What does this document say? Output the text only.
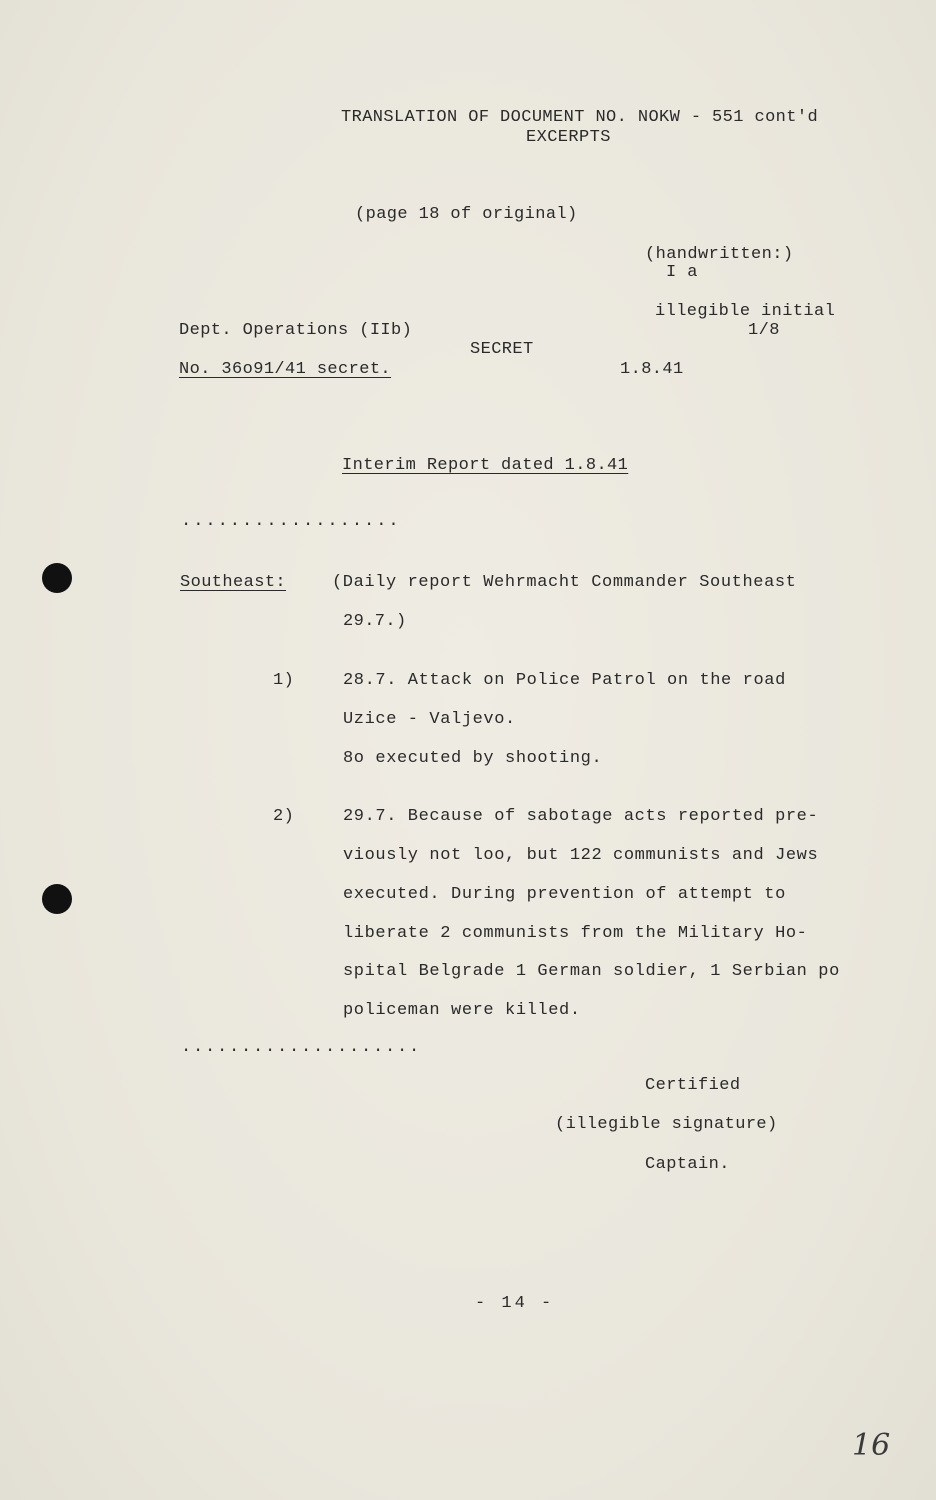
TRANSLATION OF DOCUMENT NO. NOKW - 551 cont'd
EXCERPTS
(page 18 of original)
(handwritten:)
I a
illegible initial
1/8
Dept. Operations (IIb)
SECRET
No. 36o91/41 secret.	1.8.41
Interim Report dated 1.8.41
..................
Southeast:	(Daily report Wehrmacht Commander Southeast
29.7.)
1)	28.7. Attack on Police Patrol on the road
Uzice - Valjevo.
8o executed by shooting.
2)	29.7. Because of sabotage acts reported pre-
viously not loo, but 122 communists and Jews
executed. During prevention of attempt to
liberate 2 communists from the Military Ho-
spital Belgrade 1 German soldier, 1 Serbian po
policeman were killed.
....................
Certified
(illegible signature)
Captain.
- 14 -
16
